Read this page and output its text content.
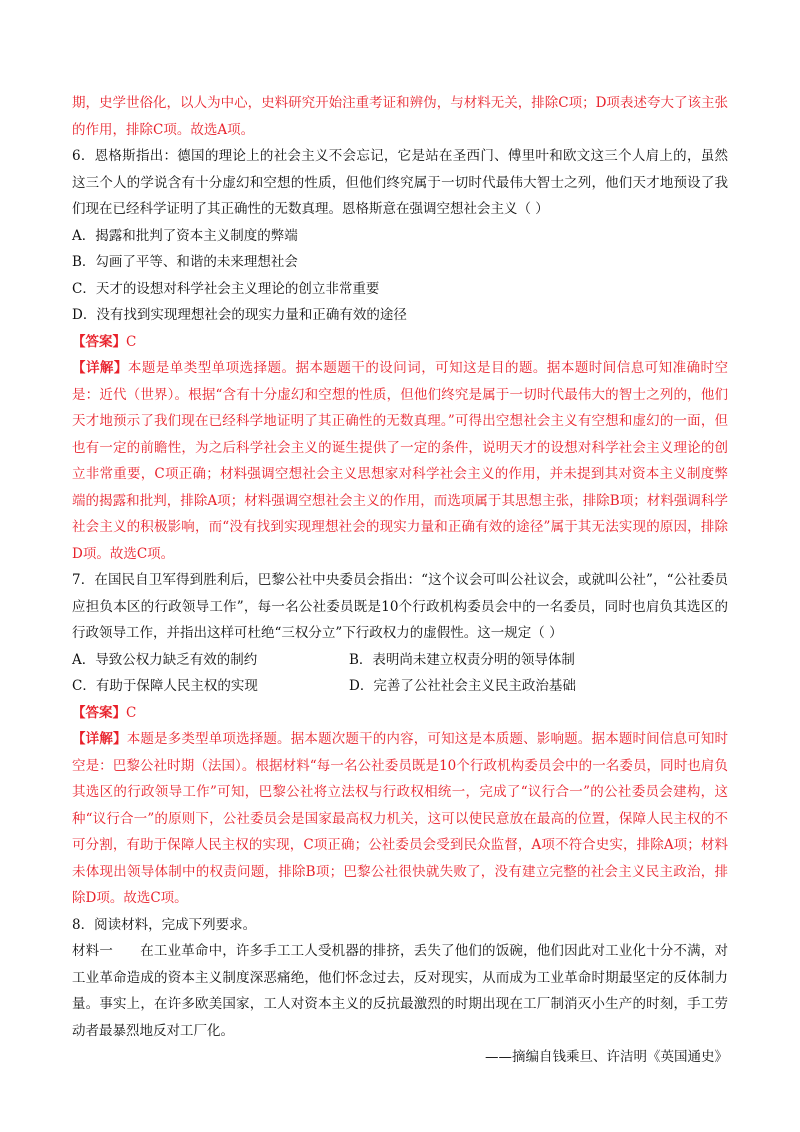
期，史学世俗化，以人为中心，史料研究开始注重考证和辨伪，与材料无关，排除C项；D项表述夸大了该主张的作用，排除C项。故选A项。

6．恩格斯指出：德国的理论上的社会主义不会忘记，它是站在圣西门、傅里叶和欧文这三个人肩上的，虽然这三个人的学说含有十分虚幻和空想的性质，但他们终究属于一切时代最伟大智士之列，他们天才地预设了我们现在已经科学证明了其正确性的无数真理。恩格斯意在强调空想社会主义（ ）

A．揭露和批判了资本主义制度的弊端

B．勾画了平等、和谐的未来理想社会

C．天才的设想对科学社会主义理论的创立非常重要

D．没有找到实现理想社会的现实力量和正确有效的途径

【答案】C

【详解】本题是单类型单项选择题。据本题题干的设问词，可知这是目的题。据本题时间信息可知准确时空是：近代（世界）。根据“含有十分虚幻和空想的性质，但他们终究是属于一切时代最伟大的智士之列的，他们天才地预示了我们现在已经科学地证明了其正确性的无数真理。”可得出空想社会主义有空想和虚幻的一面，但也有一定的前瞻性，为之后科学社会主义的诞生提供了一定的条件，说明天才的设想对科学社会主义理论的创立非常重要，C项正确；材料强调空想社会主义思想家对科学社会主义的作用，并未提到其对资本主义制度弊端的揭露和批判，排除A项；材料强调空想社会主义的作用，而选项属于其思想主张，排除B项；材料强调科学社会主义的积极影响，而“没有找到实现理想社会的现实力量和正确有效的途径”属于其无法实现的原因，排除D项。故选C项。

7．在国民自卫军得到胜利后，巴黎公社中央委员会指出：“这个议会可叫公社议会，或就叫公社”，“公社委员应担负本区的行政领导工作”，每一名公社委员既是10个行政机构委员会中的一名委员，同时也肩负其选区的行政领导工作，并指出这样可杜绝“三权分立”下行政权力的虚假性。这一规定（ ）

A．导致公权力缺乏有效的制约	B．表明尚未建立权责分明的领导体制
C．有助于保障人民主权的实现	D．完善了公社社会主义民主政治基础

【答案】C

【详解】本题是多类型单项选择题。据本题次题干的内容，可知这是本质题、影响题。据本题时间信息可知时空是：巴黎公社时期（法国）。根据材料“每一名公社委员既是10个行政机构委员会中的一名委员，同时也肩负其选区的行政领导工作”可知，巴黎公社将立法权与行政权相统一，完成了“议行合一”的公社委员会建构，这种“议行合一”的原则下，公社委员会是国家最高权力机关，这可以使民意放在最高的位置，保障人民主权的不可分割，有助于保障人民主权的实现，C项正确；公社委员会受到民众监督，A项不符合史实，排除A项；材料未体现出领导体制中的权责问题，排除B项；巴黎公社很快就失败了，没有建立完整的社会主义民主政治，排除D项。故选C项。

8．阅读材料，完成下列要求。

材料一   在工业革命中，许多手工工人受机器的排挤，丢失了他们的饭碗，他们因此对工业化十分不满，对工业革命造成的资本主义制度深恶痛绝，他们怀念过去，反对现实，从而成为工业革命时期最坚定的反体制力量。事实上，在许多欧美国家，工人对资本主义的反抗最激烈的时期出现在工厂制消灭小生产的时刻，手工劳动者最暴烈地反对工厂化。

——摘编自钱乘旦、许洁明《英国通史》
